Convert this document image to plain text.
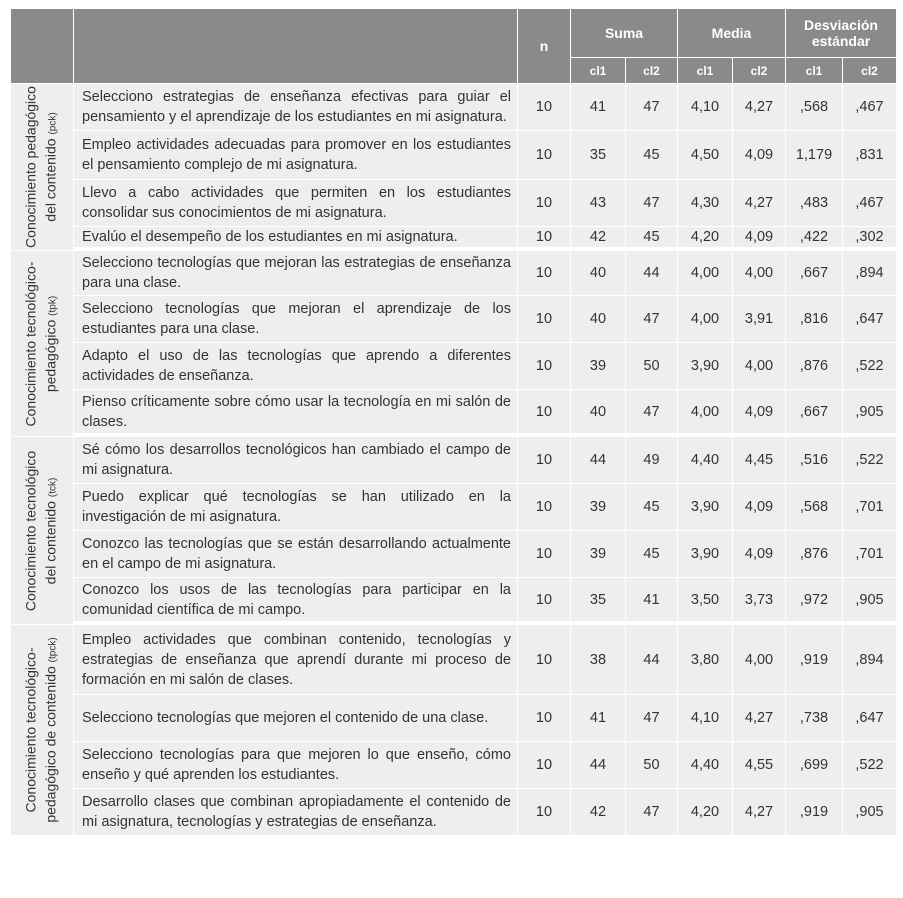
		n	Suma		Media		Desviación estándar	
			cl1	cl2	cl1	cl2	cl1	cl2

Conocimiento pedagógico del contenido (pck)	Selecciono estrategias de enseñanza efectivas para guiar el pensamiento y el aprendizaje de los estudiantes en mi asignatura.	10	41	47	4,10	4,27	,568	,467
	Empleo actividades adecuadas para promover en los estudiantes el pensamiento complejo de mi asignatura.	10	35	45	4,50	4,09	1,179	,831
	Llevo a cabo actividades que permiten en los estudiantes consolidar sus conocimientos de mi asignatura.	10	43	47	4,30	4,27	,483	,467
	Evalúo el desempeño de los estudiantes en mi asignatura.	10	42	45	4,20	4,09	,422	,302

Conocimiento tecnológico- pedagógico (tpk)	Selecciono tecnologías que mejoran las estrategias de enseñanza para una clase.	10	40	44	4,00	4,00	,667	,894
	Selecciono tecnologías que mejoran el aprendizaje de los estudiantes para una clase.	10	40	47	4,00	3,91	,816	,647
	Adapto el uso de las tecnologías que aprendo a diferentes actividades de enseñanza.	10	39	50	3,90	4,00	,876	,522
	Pienso críticamente sobre cómo usar la tecnología en mi salón de clases.	10	40	47	4,00	4,09	,667	,905

Conocimiento tecnológico del contenido (tck)	Sé cómo los desarrollos tecnológicos han cambiado el campo de mi asignatura.	10	44	49	4,40	4,45	,516	,522
	Puedo explicar qué tecnologías se han utilizado en la investigación de mi asignatura.	10	39	45	3,90	4,09	,568	,701
	Conozco las tecnologías que se están desarrollando actualmente en el campo de mi asignatura.	10	39	45	3,90	4,09	,876	,701
	Conozco los usos de las tecnologías para participar en la comunidad científica de mi campo.	10	35	41	3,50	3,73	,972	,905

Conocimiento tecnológico- pedagógico de contenido (tpck)	Empleo actividades que combinan contenido, tecnologías y estrategias de enseñanza que aprendí durante mi proceso de formación en mi salón de clases.	10	38	44	3,80	4,00	,919	,894
	Selecciono tecnologías que mejoren el contenido de una clase.	10	41	47	4,10	4,27	,738	,647
	Selecciono tecnologías para que mejoren lo que enseño, cómo enseño y qué aprenden los estudiantes.	10	44	50	4,40	4,55	,699	,522
	Desarrollo clases que combinan apropiadamente el contenido de mi asignatura, tecnologías y estrategias de enseñanza.	10	42	47	4,20	4,27	,919	,905
